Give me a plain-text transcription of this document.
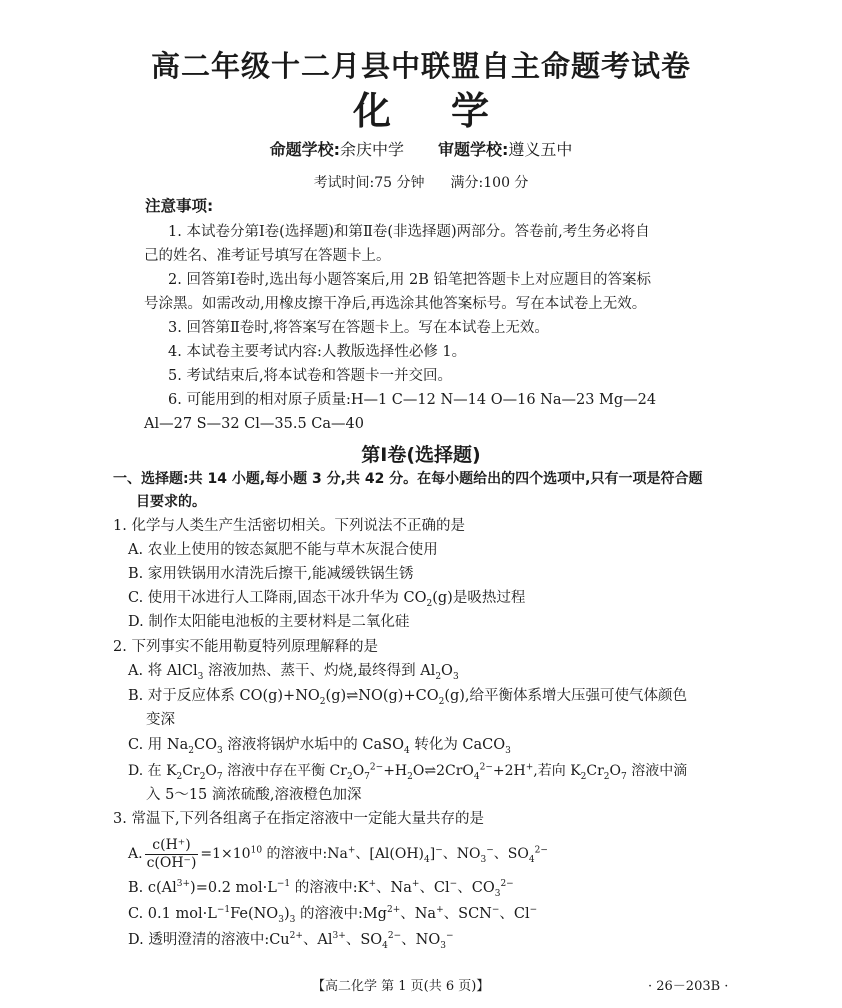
高二年级十二月县中联盟自主命题考试卷
化学
命题学校:余庆中学 审题学校:遵义五中
考试时间:75 分钟 满分:100 分
注意事项:
1. 本试卷分第Ⅰ卷(选择题)和第Ⅱ卷(非选择题)两部分。答卷前,考生务必将自
己的姓名、准考证号填写在答题卡上。
2. 回答第Ⅰ卷时,选出每小题答案后,用 2B 铅笔把答题卡上对应题目的答案标
号涂黑。如需改动,用橡皮擦干净后,再选涂其他答案标号。写在本试卷上无效。
3. 回答第Ⅱ卷时,将答案写在答题卡上。写在本试卷上无效。
4. 本试卷主要考试内容:人教版选择性必修 1。
5. 考试结束后,将本试卷和答题卡一并交回。
6. 可能用到的相对原子质量:H—1 C—12 N—14 O—16 Na—23 Mg—24
Al—27 S—32 Cl—35.5 Ca—40
第Ⅰ卷(选择题)
一、选择题:共 14 小题,每小题 3 分,共 42 分。在每小题给出的四个选项中,只有一项是符合题
目要求的。
1. 化学与人类生产生活密切相关。下列说法不正确的是
A. 农业上使用的铵态氮肥不能与草木灰混合使用
B. 家用铁锅用水清洗后擦干,能减缓铁锅生锈
C. 使用干冰进行人工降雨,固态干冰升华为 $CO_2(g)$是吸热过程
D. 制作太阳能电池板的主要材料是二氧化硅
2. 下列事实不能用勒夏特列原理解释的是
A. 将 AlCl$_3$ 溶液加热、蒸干、灼烧,最终得到 $Al_2O_3$
B. 对于反应体系 $CO(g)+NO_2(g)\rightleftharpoons NO(g)+CO_2(g)$,给平衡体系增大压强可使气体颜色
变深
C. 用 $Na_2CO_3$ 溶液将锅炉水垢中的 CaSO$_4$ 转化为 CaCO$_3$
D. 在 $K_2Cr_2O_7$ 溶液中存在平衡 $Cr_2O_7^{2-}+H_2O\rightleftharpoons 2CrO_4^{2-}+2H^+$,若向 $K_2Cr_2O_7$ 溶液中滴
入 5～15 滴浓硫酸,溶液橙色加深
3. 常温下,下列各组离子在指定溶液中一定能大量共存的是
A. $\frac{c(H^+)}{c(OH^-)} =1\times 10^{10}$ 的溶液中:Na+、$[Al(OH)_4]^-$、$NO_3^-$、$SO_4^{2-}$
B. $c(Al^{3+})=0.2$ $mol\cdot L^{-1}$ 的溶液中:K+、Na+、Cl−、$CO_3^{2-}$
C. 0.1 $mol\cdot L^{-1}Fe(NO_3)_3$ 的溶液中$:Mg^{2+}$、Na+、SCN−、Cl−
D. 透明澄清的溶液中$:Cu^{2+}$、$Al^{3+}$、$SO_4^{2-}$、$NO_3^-$
【高二化学 第 1 页(共 6 页)】	· 26－203B ·
